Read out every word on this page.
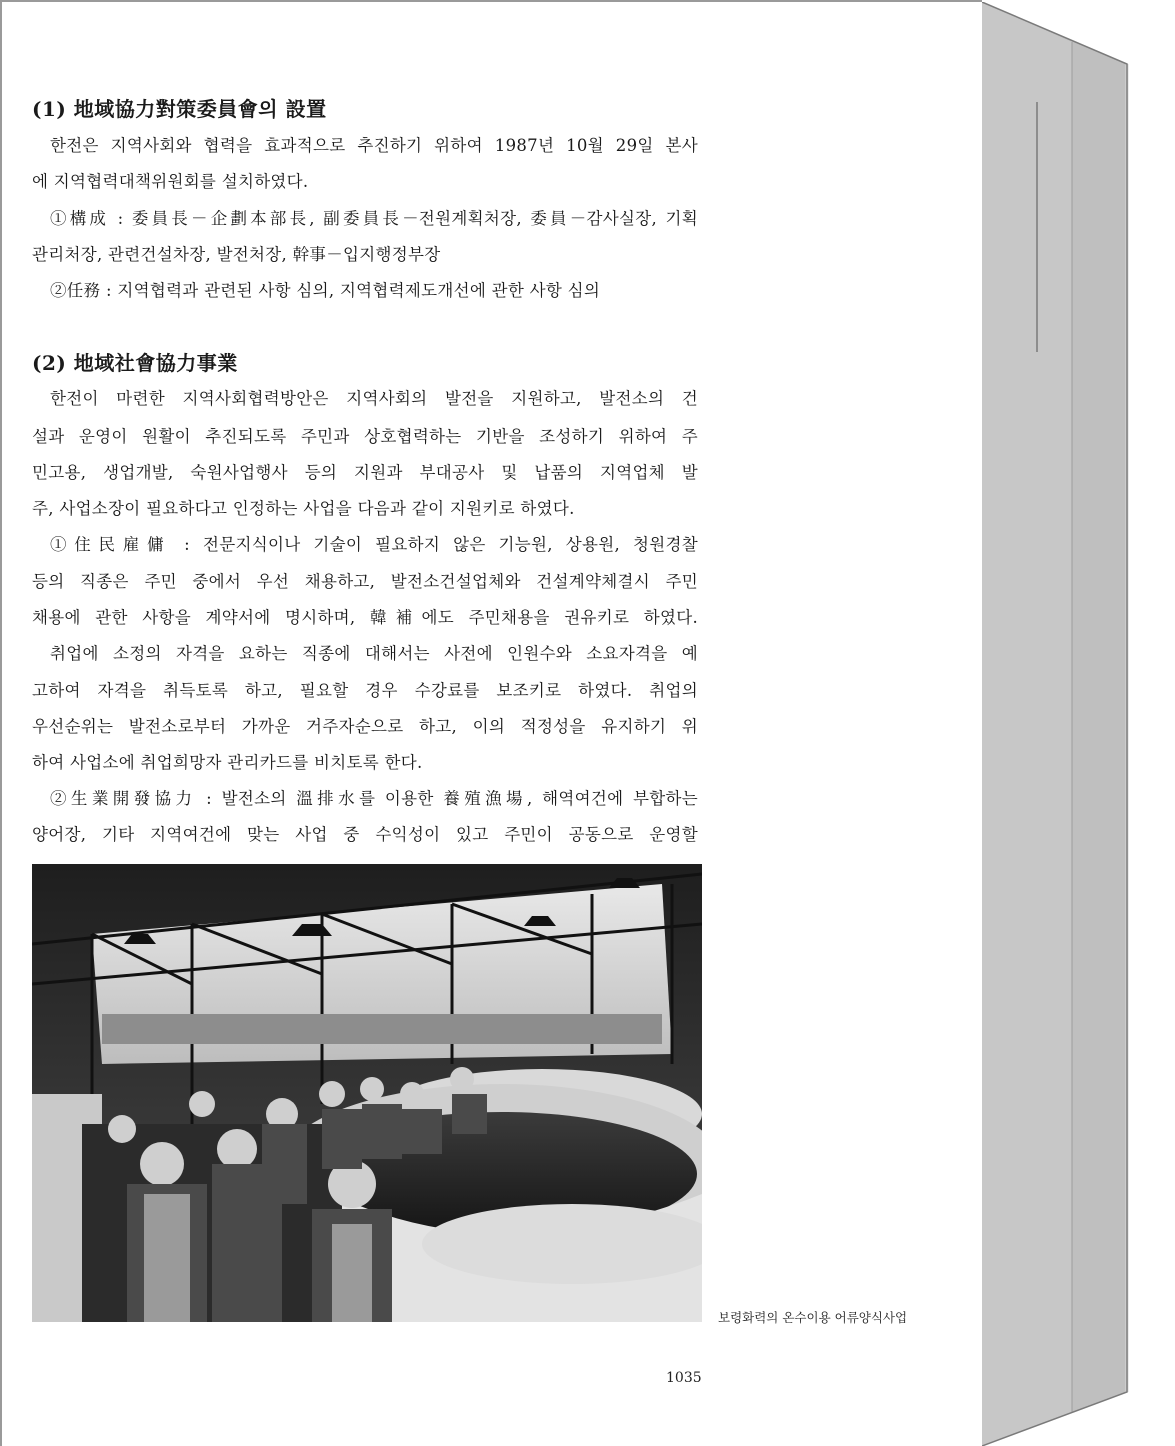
(1) 地域協力對策委員會의 設置
한전은 지역사회와 협력을 효과적으로 추진하기 위하여 1987년 10월 29일 본사
에 지역협력대책위원회를 설치하였다.
①構成 : 委員長－企劃本部長, 副委員長－전원계획처장, 委員－감사실장, 기획
관리처장, 관련건설차장, 발전처장, 幹事－입지행정부장
②任務 : 지역협력과 관련된 사항 심의, 지역협력제도개선에 관한 사항 심의
(2) 地域社會協力事業
한전이 마련한 지역사회협력방안은 지역사회의 발전을 지원하고, 발전소의 건
설과 운영이 원활이 추진되도록 주민과 상호협력하는 기반을 조성하기 위하여 주
민고용, 생업개발, 숙원사업행사 등의 지원과 부대공사 및 납품의 지역업체 발
주, 사업소장이 필요하다고 인정하는 사업을 다음과 같이 지원키로 하였다.
①住民雇傭 : 전문지식이나 기술이 필요하지 않은 기능원, 상용원, 청원경찰
등의 직종은 주민 중에서 우선 채용하고, 발전소건설업체와 건설계약체결시 주민
채용에 관한 사항을 계약서에 명시하며, 韓補에도 주민채용을 권유키로 하였다.
취업에 소정의 자격을 요하는 직종에 대해서는 사전에 인원수와 소요자격을 예
고하여 자격을 취득토록 하고, 필요할 경우 수강료를 보조키로 하였다. 취업의
우선순위는 발전소로부터 가까운 거주자순으로 하고, 이의 적정성을 유지하기 위
하여 사업소에 취업희망자 관리카드를 비치토록 한다.
②生業開發協力 : 발전소의 溫排水를 이용한 養殖漁場, 해역여건에 부합하는
양어장, 기타 지역여건에 맞는 사업 중 수익성이 있고 주민이 공동으로 운영할
보령화력의 온수이용 어류양식사업
1035
